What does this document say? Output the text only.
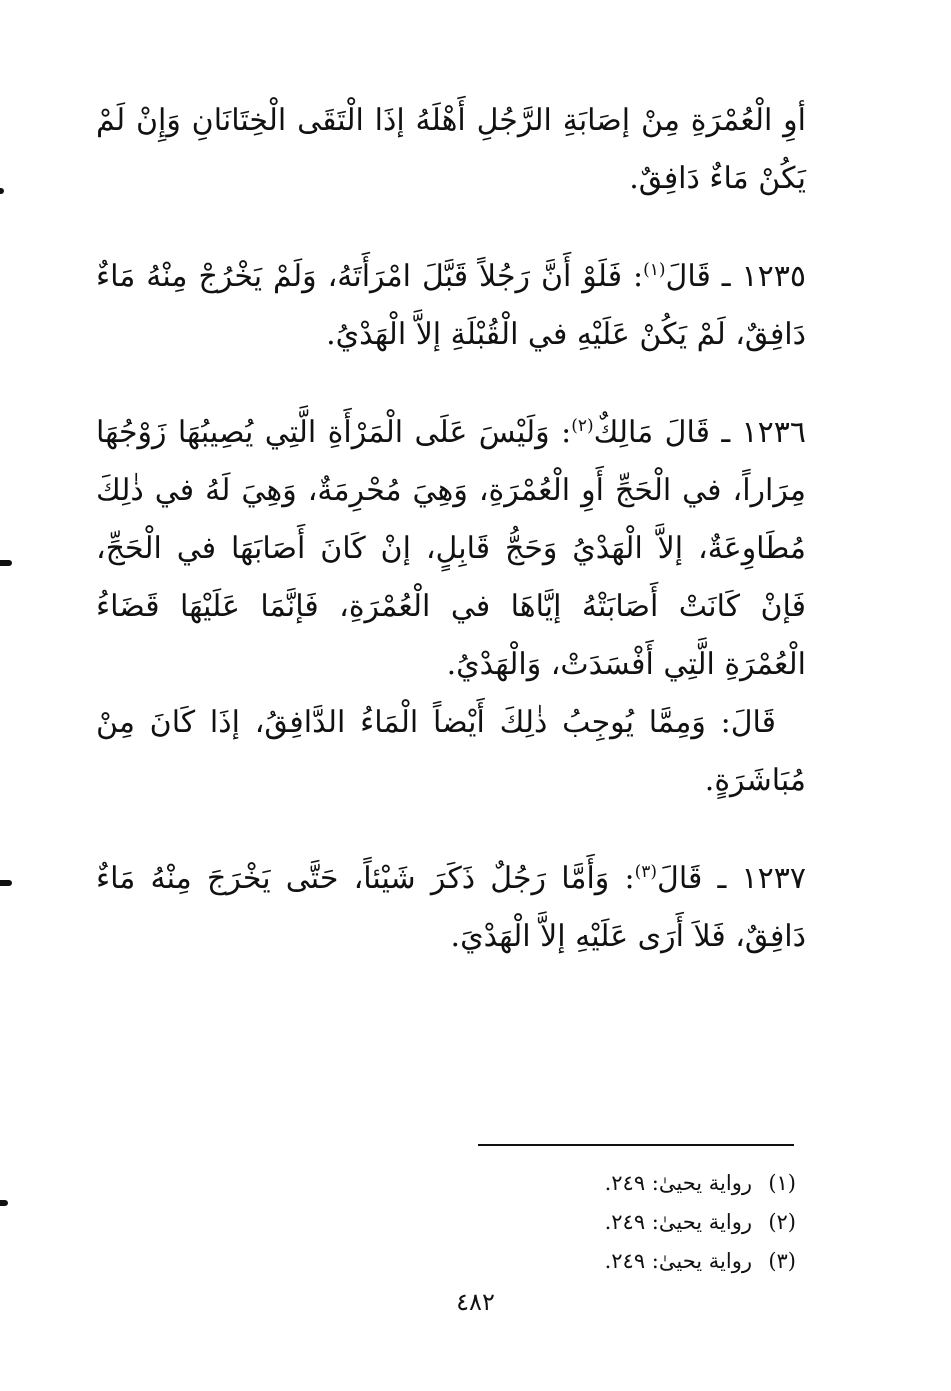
أوِ الْعُمْرَةِ مِنْ إصَابَةِ الرَّجُلِ أَهْلَهُ إذَا الْتَقَى الْخِتَانَانِ وَإِنْ لَمْ يَكُنْ مَاءٌ دَافِقٌ.

١٢٣٥ ـ قَالَ$^{(١)}$: فَلَوْ أَنَّ رَجُلاً قَبَّلَ امْرَأَتَهُ، وَلَمْ يَخْرُجْ مِنْهُ مَاءٌ دَافِقٌ، لَمْ يَكُنْ عَلَيْهِ في الْقُبْلَةِ إلاَّ الْهَدْيُ.

١٢٣٦ ـ قَالَ مَالِكٌ$^{(٢)}$: وَلَيْسَ عَلَى الْمَرْأَةِ الَّتِي يُصِيبُهَا زَوْجُهَا مِرَاراً، في الْحَجِّ أَوِ الْعُمْرَةِ، وَهِيَ مُحْرِمَةٌ، وَهِيَ لَهُ في ذٰلِكَ مُطَاوِعَةٌ، إلاَّ الْهَدْيُ وَحَجُّ قَابِلٍ، إنْ كَانَ أَصَابَهَا في الْحَجِّ، فَإنْ كَانَتْ أَصَابَتْهُ إيَّاهَا في الْعُمْرَةِ، فَإنَّمَا عَلَيْهَا قَضَاءُ الْعُمْرَةِ الَّتِي أَفْسَدَتْ، وَالْهَدْيُ.

قَالَ: وَمِمَّا يُوجِبُ ذٰلِكَ أَيْضاً الْمَاءُ الدَّافِقُ، إذَا كَانَ مِنْ مُبَاشَرَةٍ.

١٢٣٧ ـ قَالَ$^{(٣)}$: وَأَمَّا رَجُلٌ ذَكَرَ شَيْئاً، حَتَّى يَخْرَجَ مِنْهُ مَاءٌ دَافِقٌ، فَلاَ أَرَى عَلَيْهِ إلاَّ الْهَدْيَ.

(١)رواية يحيىٰ: ٢٤٩.
(٢)رواية يحيىٰ: ٢٤٩.
(٣)رواية يحيىٰ: ٢٤٩.
٤٨٢
